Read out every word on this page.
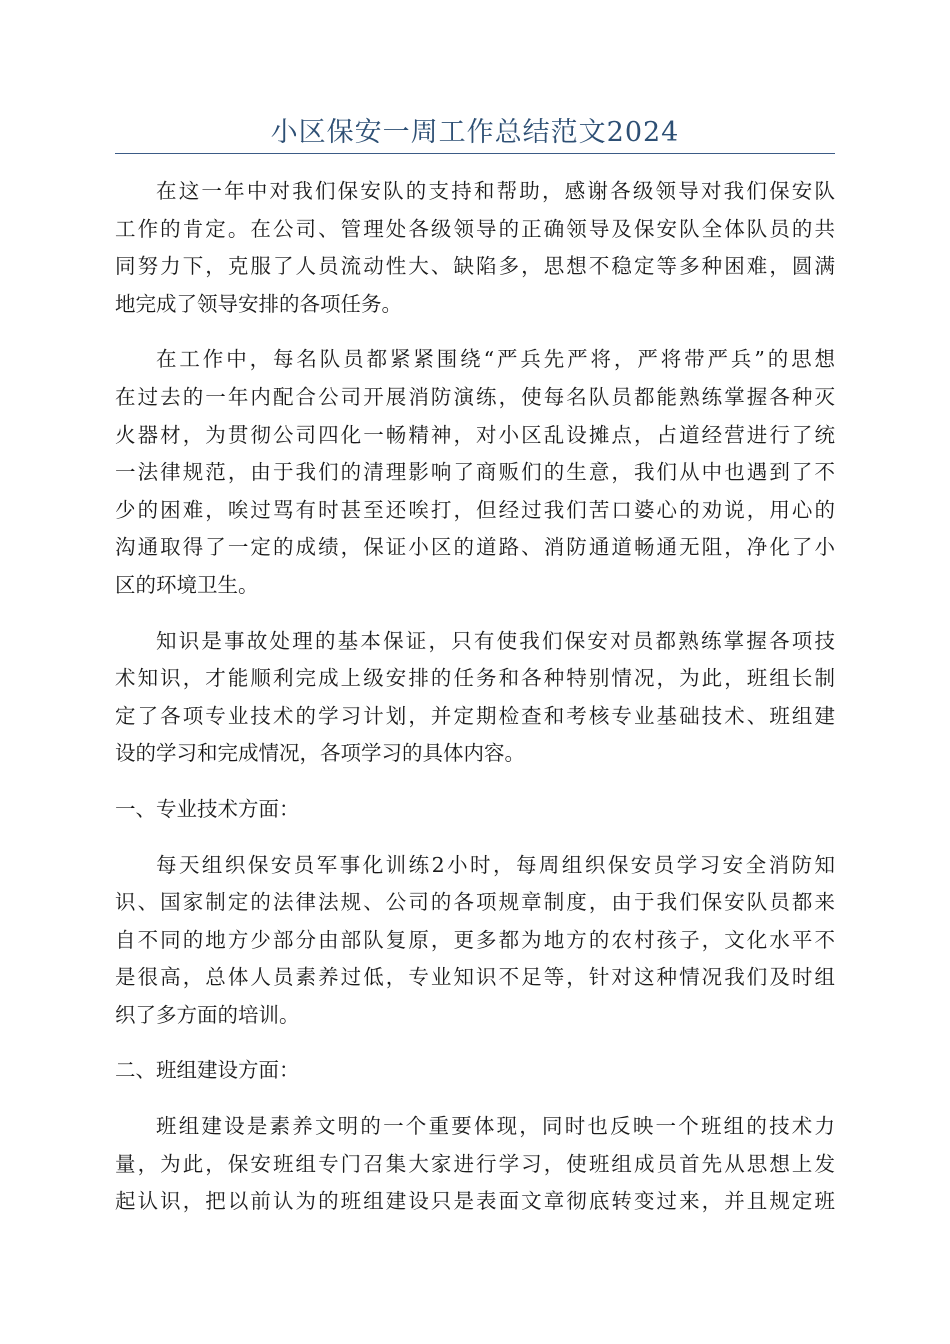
小区保安一周工作总结范文2024
在这一年中对我们保安队的支持和帮助，感谢各级领导对我们保安队
工作的肯定。在公司、管理处各级领导的正确领导及保安队全体队员的共
同努力下，克服了人员流动性大、缺陷多，思想不稳定等多种困难，圆满
地完成了领导安排的各项任务。
在工作中，每名队员都紧紧围绕“严兵先严将，严将带严兵”的思想
在过去的一年内配合公司开展消防演练，使每名队员都能熟练掌握各种灭
火器材，为贯彻公司四化一畅精神，对小区乱设摊点，占道经营进行了统
一法律规范，由于我们的清理影响了商贩们的生意，我们从中也遇到了不
少的困难，唉过骂有时甚至还唉打，但经过我们苦口婆心的劝说，用心的
沟通取得了一定的成绩，保证小区的道路、消防通道畅通无阻，净化了小
区的环境卫生。
知识是事故处理的基本保证，只有使我们保安对员都熟练掌握各项技
术知识，才能顺利完成上级安排的任务和各种特别情况，为此，班组长制
定了各项专业技术的学习计划，并定期检查和考核专业基础技术、班组建
设的学习和完成情况，各项学习的具体内容。
一、专业技术方面：
每天组织保安员军事化训练2小时，每周组织保安员学习安全消防知
识、国家制定的法律法规、公司的各项规章制度，由于我们保安队员都来
自不同的地方少部分由部队复原，更多都为地方的农村孩子，文化水平不
是很高，总体人员素养过低，专业知识不足等，针对这种情况我们及时组
织了多方面的培训。
二、班组建设方面：
班组建设是素养文明的一个重要体现，同时也反映一个班组的技术力
量，为此，保安班组专门召集大家进行学习，使班组成员首先从思想上发
起认识，把以前认为的班组建设只是表面文章彻底转变过来，并且规定班
